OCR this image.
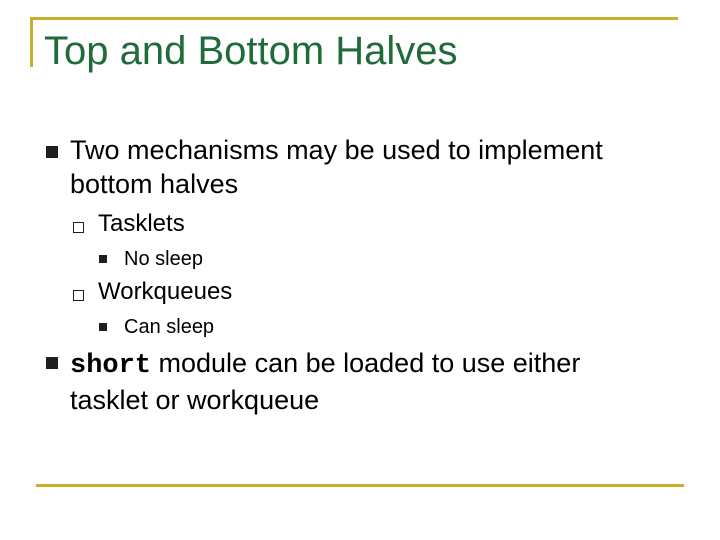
Top and Bottom Halves
Two mechanisms may be used to implement
bottom halves
Tasklets
No sleep
Workqueues
Can sleep
short module can be loaded to use either
tasklet or workqueue
